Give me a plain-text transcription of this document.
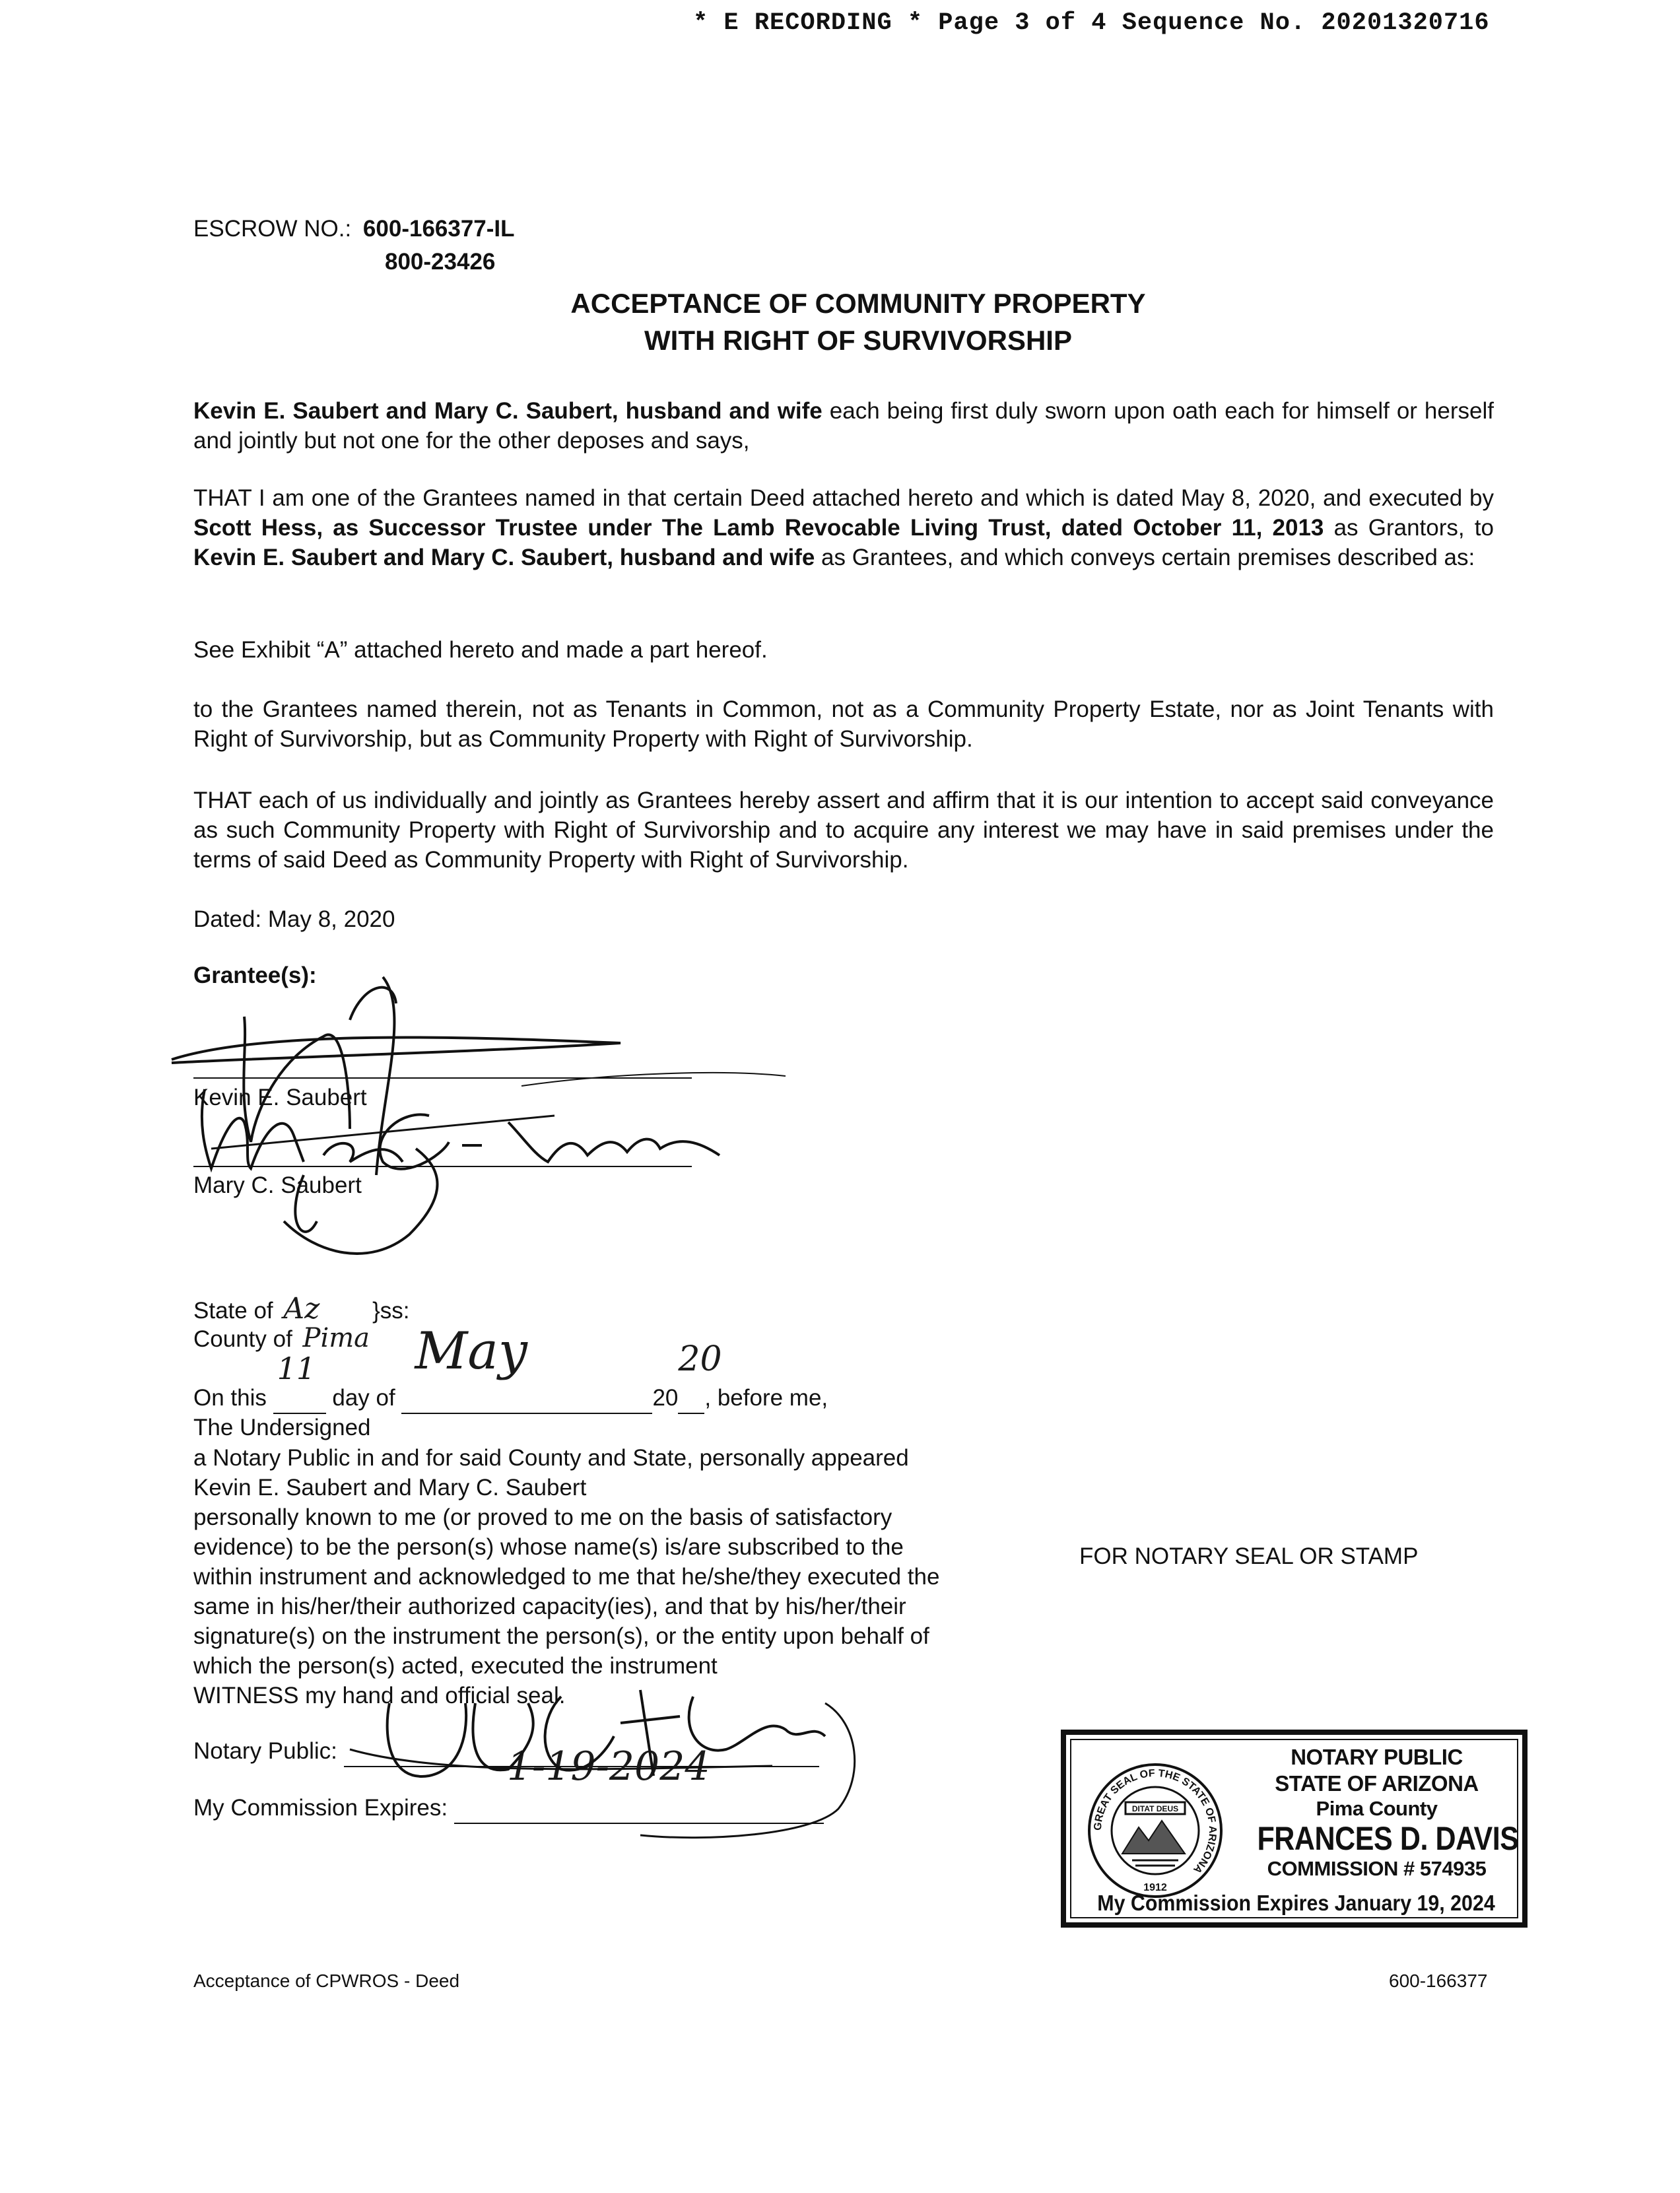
* E RECORDING * Page 3 of 4 Sequence No. 20201320716
ESCROW NO.: 600-166377-IL
800-23426
ACCEPTANCE OF COMMUNITY PROPERTY
WITH RIGHT OF SURVIVORSHIP
Kevin E. Saubert and Mary C. Saubert, husband and wife each being first duly sworn upon oath each for himself or herself and jointly but not one for the other deposes and says,
THAT I am one of the Grantees named in that certain Deed attached hereto and which is dated May 8, 2020, and executed by Scott Hess, as Successor Trustee under The Lamb Revocable Living Trust, dated October 11, 2013 as Grantors, to Kevin E. Saubert and Mary C. Saubert, husband and wife as Grantees, and which conveys certain premises described as:
See Exhibit “A” attached hereto and made a part hereof.
to the Grantees named therein, not as Tenants in Common, not as a Community Property Estate, nor as Joint Tenants with Right of Survivorship, but as Community Property with Right of Survivorship.
THAT each of us individually and jointly as Grantees hereby assert and affirm that it is our intention to accept said conveyance as such Community Property with Right of Survivorship and to acquire any interest we may have in said premises under the terms of said Deed as Community Property with Right of Survivorship.
Dated: May 8, 2020
Grantee(s):
Kevin E. Saubert
Mary C. Saubert
State of Az }ss:
County of Pima
On this
11
day of
May
20
20
, before me,
The Undersigned
a Notary Public in and for said County and State, personally appeared
Kevin E. Saubert and Mary C. Saubert
personally known to me (or proved to me on the basis of satisfactory
evidence) to be the person(s) whose name(s) is/are subscribed to the
within instrument and acknowledged to me that he/she/they executed the
same in his/her/their authorized capacity(ies), and that by his/her/their
signature(s) on the instrument the person(s), or the entity upon behalf of
which the person(s) acted, executed the instrument
WITNESS my hand and official seal.
FOR NOTARY SEAL OR STAMP
Notary Public:
My Commission Expires:
1-19-2024

GREAT SEAL OF THE STATE OF ARIZONA
DITAT DEUS
1912
NOTARY PUBLIC
STATE OF ARIZONA
Pima County
FRANCES D. DAVIS
COMMISSION # 574935
My Commission Expires January 19, 2024
Acceptance of CPWROS - Deed	600-166377
